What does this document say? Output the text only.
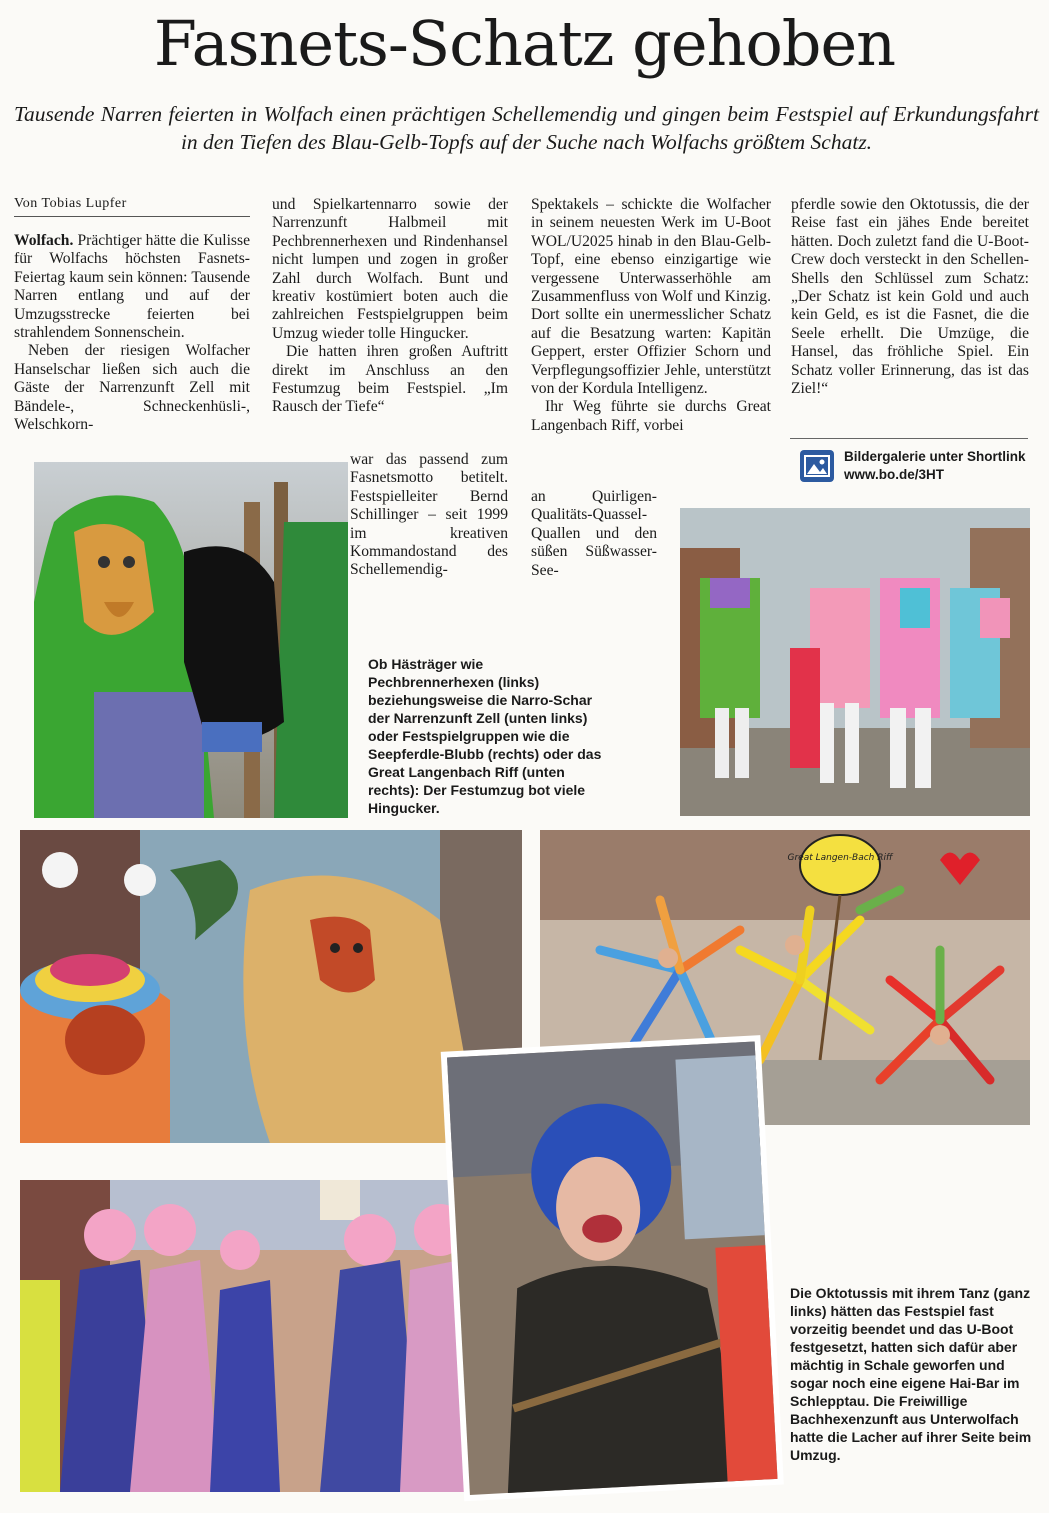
Fasnets-Schatz gehoben
Tausende Narren feierten in Wolfach einen prächtigen Schellemendig und gingen beim Festspiel auf Erkundungsfahrt in den Tiefen des Blau-Gelb-Topfs auf der Suche nach Wolfachs größtem Schatz.
Von Tobias Lupfer

Wolfach. Prächtiger hätte die Kulisse für Wolfachs höchsten Fasnets-Feiertag kaum sein können: Tausende Narren entlang und auf der Umzugsstrecke feierten bei strahlendem Sonnenschein.

Neben der riesigen Wolfacher Hanselschar ließen sich auch die Gäste der Narrenzunft Zell mit Bändele-, Schneckenhüsli-, Welschkorn-

und Spielkartennarro sowie der Narrenzunft Halbmeil mit Pechbrennerhexen und Rindenhansel nicht lumpen und zogen in großer Zahl durch Wolfach. Bunt und kreativ kostümiert boten auch die zahlreichen Festspielgruppen beim Umzug wieder tolle Hingucker.

Die hatten ihren großen Auftritt direkt im Anschluss an den Festumzug beim Festspiel. „Im Rausch der Tiefe“

war das passend zum Fasnetsmotto betitelt. Festspielleiter Bernd Schillinger – seit 1999 im kreativen Kommandostand des Schellemendig-

Spektakels – schickte die Wolfacher in seinem neuesten Werk im U-Boot WOL/U2025 hinab in den Blau-Gelb-Topf, eine ebenso einzigartige wie vergessene Unterwasserhöhle am Zusammenfluss von Wolf und Kinzig. Dort sollte ein unermesslicher Schatz auf die Besatzung warten: Kapitän Geppert, erster Offizier Schorn und Verpflegungsoffizier Jehle, unterstützt von der Kordula Intelligenz.

Ihr Weg führte sie durchs Great Langenbach Riff, vorbei

an Quirligen-Qualitäts-Quassel-Quallen und den süßen Süßwasser-See-

pferdle sowie den Oktotussis, die der Reise fast ein jähes Ende bereitet hätten. Doch zuletzt fand die U-Boot-Crew doch versteckt in den Schellen-Shells den Schlüssel zum Schatz: „Der Schatz ist kein Gold und auch kein Geld, es ist die Fasnet, die die Seele erhellt. Die Umzüge, die Hansel, das fröhliche Spiel. Ein Schatz voller Erinnerung, das ist das Ziel!“

Bildergalerie unter Shortlink
www.bo.de/3HT
Ob Hästräger wie Pechbrennerhexen (links) beziehungsweise die Narro-Schar der Narrenzunft Zell (unten links) oder Festspielgruppen wie die Seepferdle-Blubb (rechts) oder das Great Langenbach Riff (unten rechts): Der Festumzug bot viele Hingucker.
Great Langen-Bach Riff
Die Oktotussis mit ihrem Tanz (ganz links) hätten das Festspiel fast vorzeitig beendet und das U-Boot festgesetzt, hatten sich dafür aber mächtig in Schale geworfen und sogar noch eine eigene Hai-Bar im Schlepptau. Die Freiwillige Bachhexenzunft aus Unterwolfach hatte die Lacher auf ihrer Seite beim Umzug.
